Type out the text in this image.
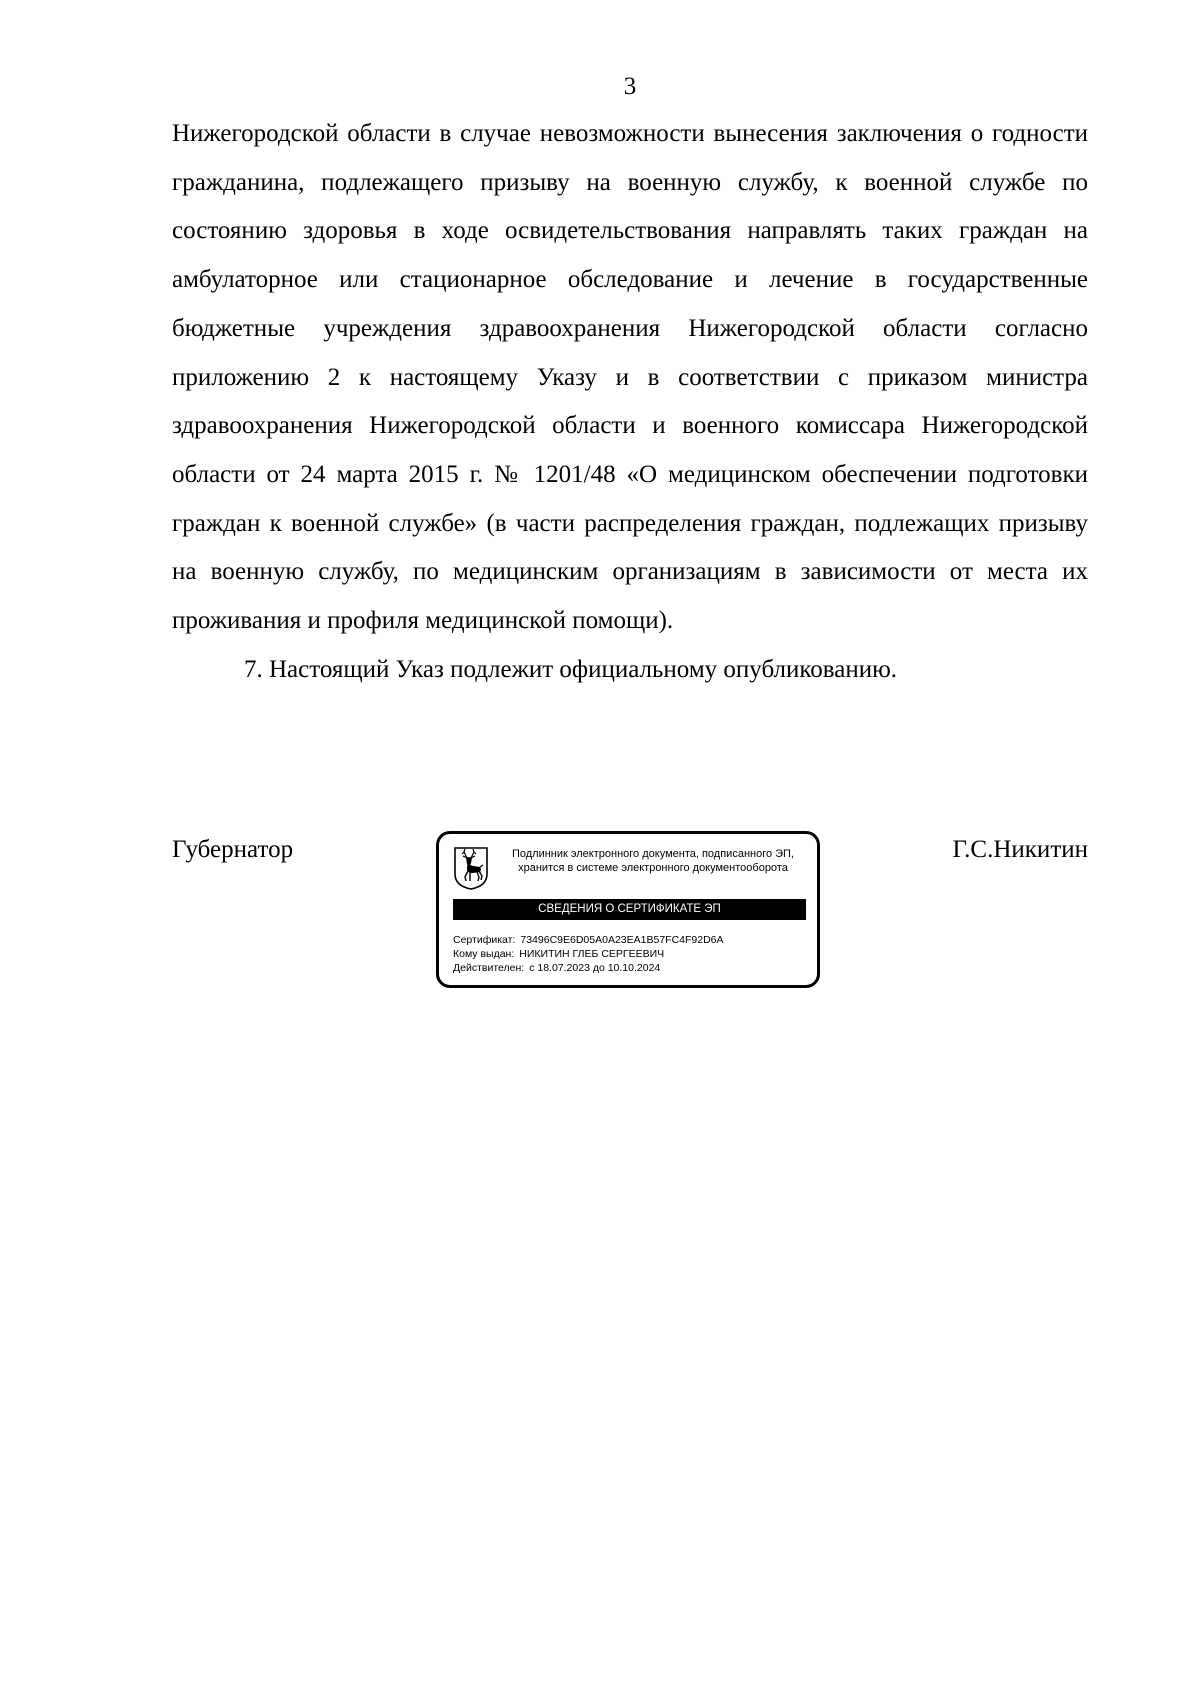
3

Нижегородской области в случае невозможности вынесения заключения о годности гражданина, подлежащего призыву на военную службу, к военной службе по состоянию здоровья в ходе освидетельствования направлять таких граждан на амбулаторное или стационарное обследование и лечение в государственные бюджетные учреждения здравоохранения Нижегородской области согласно приложению 2 к настоящему Указу и в соответствии с приказом министра здравоохранения Нижегородской области и военного комиссара Нижегородской области от 24 марта 2015 г. № 1201/48 «О медицинском обеспечении подготовки граждан к военной службе» (в части распределения граждан, подлежащих призыву на военную службу, по медицинским организациям в зависимости от места их проживания и профиля медицинской помощи).

7. Настоящий Указ подлежит официальному опубликованию.

Губернатор	Подлинник электронного документа, подписанного ЭП,
хранится в системе электронного документооборота
СВЕДЕНИЯ О СЕРТИФИКАТЕ ЭП
Сертификат: 73496C9E6D05A0A23EA1B57FC4F92D6A
Кому выдан: НИКИТИН ГЛЕБ СЕРГЕЕВИЧ
Действителен: с 18.07.2023 до 10.10.2024
Г.С.Никитин
